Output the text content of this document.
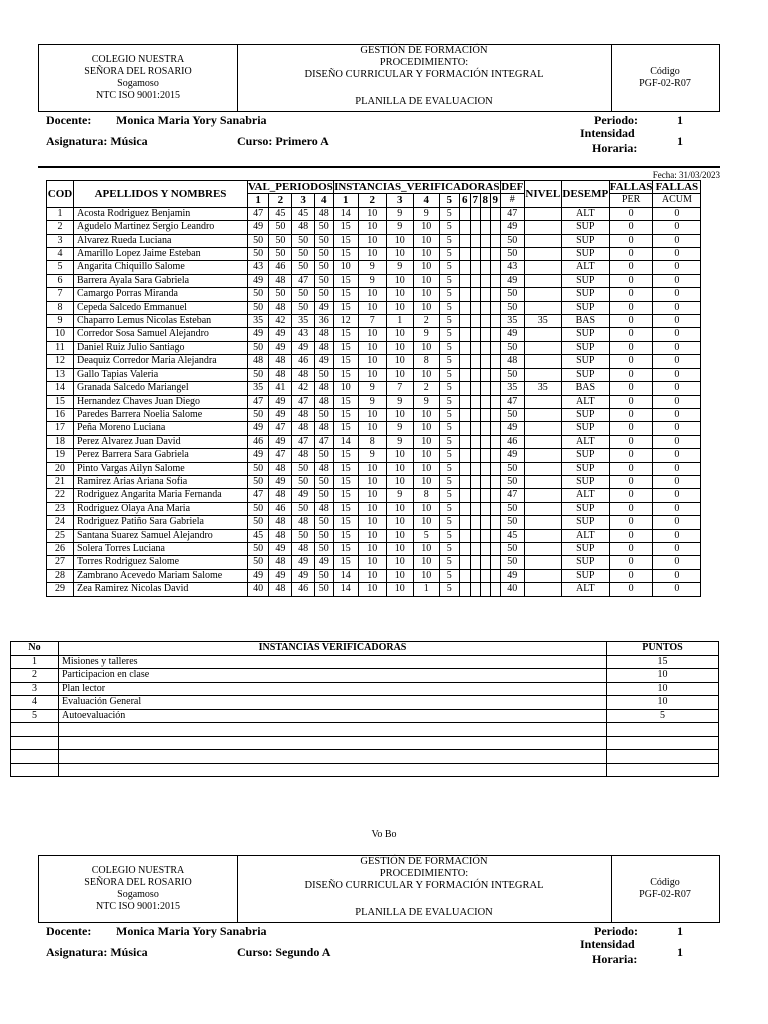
COLEGIO NUESTRA
SEÑORA DEL ROSARIO
Sogamoso
NTC ISO 9001:2015
GESTIÓN DE FORMACIÓN
PROCEDIMIENTO:
DISEÑO CURRICULAR Y FORMACIÓN INTEGRAL
PLANILLA DE EVALUACION
Código
PGF-02-R07
Docente: Monica Maria Yory Sanabria	Periodo:	1
Asignatura: Música	Curso: Primero A
Intensidad
Horaria:	1
Fecha: 31/03/2023
COD	APELLIDOS Y NOMBRES	VAL_PERIODOS				INSTANCIAS_VERIFICADORAS									DEF	NIVEL	DESEMP	FALLAS	FALLAS
		1	2	3	4	1	2	3	4	5	6	7	8	9	#			PER	ACUM
1	Acosta Rodriguez Benjamin	47	45	45	48	14	10	9	9	5					47		ALT	0	0
2	Agudelo Martinez Sergio Leandro	49	50	48	50	15	10	9	10	5					49		SUP	0	0
3	Alvarez Rueda Luciana	50	50	50	50	15	10	10	10	5					50		SUP	0	0
4	Amarillo Lopez Jaime Esteban	50	50	50	50	15	10	10	10	5					50		SUP	0	0
5	Angarita Chiquillo Salome	43	46	50	50	10	9	9	10	5					43		ALT	0	0
6	Barrera Ayala Sara Gabriela	49	48	47	50	15	9	10	10	5					49		SUP	0	0
7	Camargo Porras Miranda	50	50	50	50	15	10	10	10	5					50		SUP	0	0
8	Cepeda Salcedo Emmanuel	50	48	50	49	15	10	10	10	5					50		SUP	0	0
9	Chaparro Lemus Nicolas Esteban	35	42	35	36	12	7	1	2	5					35	35	BAS	0	0
10	Corredor Sosa Samuel Alejandro	49	49	43	48	15	10	10	9	5					49		SUP	0	0
11	Daniel Ruiz Julio Santiago	50	49	49	48	15	10	10	10	5					50		SUP	0	0
12	Deaquiz Corredor Maria Alejandra	48	48	46	49	15	10	10	8	5					48		SUP	0	0
13	Gallo Tapias Valeria	50	48	48	50	15	10	10	10	5					50		SUP	0	0
14	Granada Salcedo Mariangel	35	41	42	48	10	9	7	2	5					35	35	BAS	0	0
15	Hernandez Chaves Juan Diego	47	49	47	48	15	9	9	9	5					47		ALT	0	0
16	Paredes Barrera Noelia Salome	50	49	48	50	15	10	10	10	5					50		SUP	0	0
17	Peña Moreno Luciana	49	47	48	48	15	10	9	10	5					49		SUP	0	0
18	Perez Alvarez Juan David	46	49	47	47	14	8	9	10	5					46		ALT	0	0
19	Perez Barrera Sara Gabriela	49	47	48	50	15	9	10	10	5					49		SUP	0	0
20	Pinto Vargas Ailyn Salome	50	48	50	48	15	10	10	10	5					50		SUP	0	0
21	Ramirez Arias Ariana Sofia	50	49	50	50	15	10	10	10	5					50		SUP	0	0
22	Rodriguez Angarita Maria Fernanda	47	48	49	50	15	10	9	8	5					47		ALT	0	0
23	Rodriguez Olaya Ana Maria	50	46	50	48	15	10	10	10	5					50		SUP	0	0
24	Rodriguez Patiño Sara Gabriela	50	48	48	50	15	10	10	10	5					50		SUP	0	0
25	Santana Suarez Samuel Alejandro	45	48	50	50	15	10	10	5	5					45		ALT	0	0
26	Solera Torres Luciana	50	49	48	50	15	10	10	10	5					50		SUP	0	0
27	Torres Rodriguez Salome	50	48	49	49	15	10	10	10	5					50		SUP	0	0
28	Zambrano Acevedo Mariam Salome	49	49	49	50	14	10	10	10	5					49		SUP	0	0
29	Zea Ramirez Nicolas David	40	48	46	50	14	10	10	1	5					40		ALT	0	0
No	INSTANCIAS VERIFICADORAS	PUNTOS
1	Misiones y talleres	15
2	Participacion en clase	10
3	Plan lector	10
4	Evaluación General	10
5	Autoevaluación	5

Vo Bo
COLEGIO NUESTRA
SEÑORA DEL ROSARIO
Sogamoso
NTC ISO 9001:2015
GESTIÓN DE FORMACIÓN
PROCEDIMIENTO:
DISEÑO CURRICULAR Y FORMACIÓN INTEGRAL
PLANILLA DE EVALUACION
Código
PGF-02-R07
Docente: Monica Maria Yory Sanabria	Periodo:	1
Asignatura: Música	Curso: Segundo A
Intensidad
Horaria:	1
